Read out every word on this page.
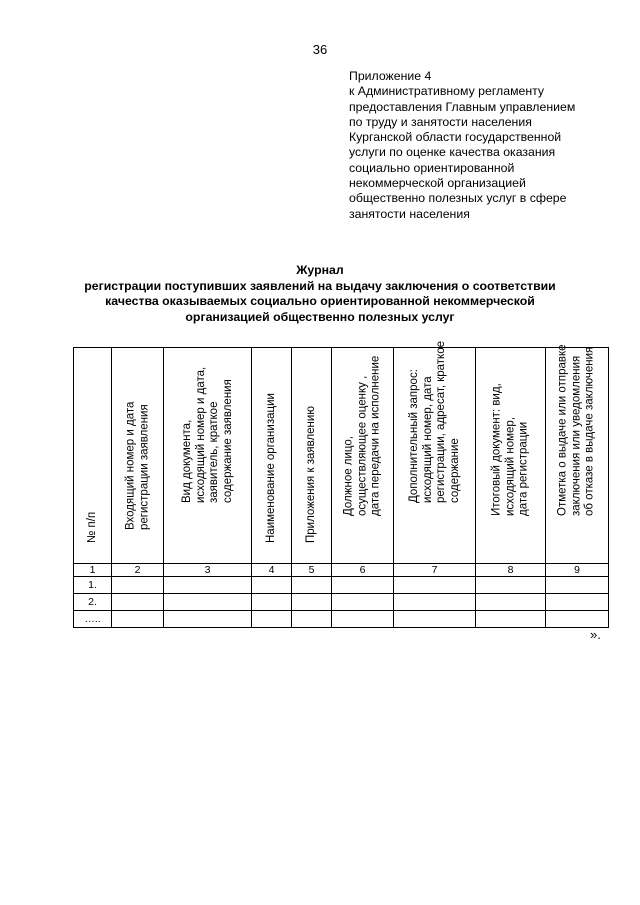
36
Приложение 4
к Административному регламенту
предоставления Главным управлением
по труду и занятости населения
Курганской области государственной
услуги по оценке качества оказания
социально ориентированной
некоммерческой организацией
общественно полезных услуг в сфере
занятости населения
Журнал
регистрации поступивших заявлений на выдачу заключения о соответствии
качества оказываемых социально ориентированной некоммерческой
организацией общественно полезных услуг
№ п/п	Входящий номер и дата регистрации заявления	Вид документа, исходящий номер и дата, заявитель, краткое содержание заявления	Наименование организации	Приложения к заявлению	Должное лицо, осуществляющее оценку , дата передачи на исполнение	Дополнительный запрос: исходящий номер, дата регистрации, адресат, краткое содержание	Итоговый документ: вид, исходящий номер, дата регистрации	Отметка о выдаче или отправке заключения или уведомления об отказе в выдаче заключения

1	2	3	4	5	6	7	8	9
1.								
2.								
…..								
».
